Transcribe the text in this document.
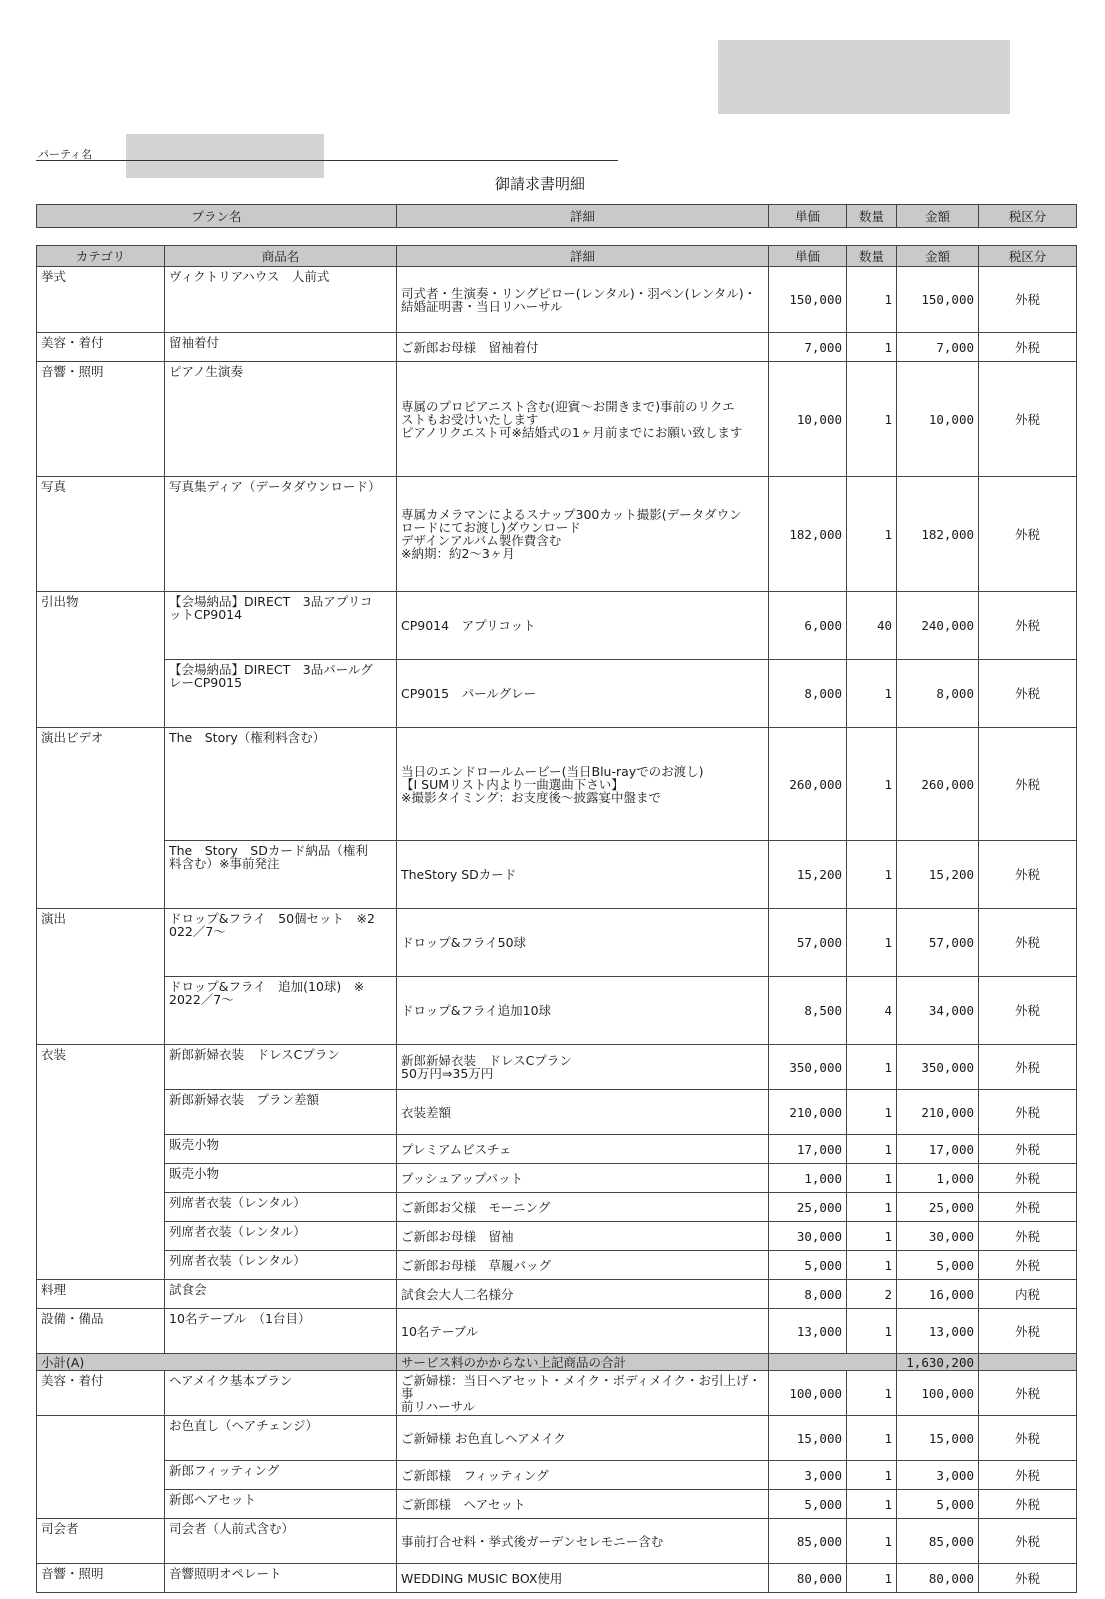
パーティ名
御請求書明細
プラン名	詳細	単価	数量	金額	税区分
カテゴリ	商品名	詳細	単価	数量	金額	税区分
挙式	ヴィクトリアハウス　人前式	司式者・生演奏・リングピロー(レンタル)・羽ペン(レンタル)・
結婚証明書・当日リハーサル	150,000	1	150,000	外税
美容・着付	留袖着付	ご新郎お母様　留袖着付	7,000	1	7,000	外税
音響・照明	ピアノ生演奏	専属のプロピアニスト含む(迎賓～お開きまで)事前のリクエ
ストもお受けいたします
ピアノリクエスト可※結婚式の1ヶ月前までにお願い致します	10,000	1	10,000	外税
写真	写真集ディア（データダウンロード）	専属カメラマンによるスナップ300カット撮影(データダウン
ロードにてお渡し)ダウンロード
デザインアルバム製作費含む
※納期：約2～3ヶ月	182,000	1	182,000	外税
引出物	【会場納品】DIRECT　3品アプリコ
ットCP9014	CP9014　アプリコット	6,000	40	240,000	外税
	【会場納品】DIRECT　3品パールグ
レーCP9015	CP9015　パールグレー	8,000	1	8,000	外税
演出ビデオ	The　Story（権利料含む）	当日のエンドロールムービー(当日Blu-rayでのお渡し)
【I SUMリスト内より一曲選曲下さい】
※撮影タイミング：お支度後～披露宴中盤まで	260,000	1	260,000	外税
	The　Story　SDカード納品（権利
料含む）※事前発注	TheStory SDカード	15,200	1	15,200	外税
演出	ドロップ&フライ　50個セット　※2
022／7～	ドロップ&フライ50球	57,000	1	57,000	外税
	ドロップ&フライ　追加(10球)　※
2022／7～	ドロップ&フライ追加10球	8,500	4	34,000	外税
衣装	新郎新婦衣装　ドレスCプラン	新郎新婦衣装　ドレスCプラン
50万円⇒35万円	350,000	1	350,000	外税
	新郎新婦衣装　プラン差額	衣装差額	210,000	1	210,000	外税
	販売小物	プレミアムビスチェ	17,000	1	17,000	外税
	販売小物	プッシュアップパット	1,000	1	1,000	外税
	列席者衣装（レンタル）	ご新郎お父様　モーニング	25,000	1	25,000	外税
	列席者衣装（レンタル）	ご新郎お母様　留袖	30,000	1	30,000	外税
	列席者衣装（レンタル）	ご新郎お母様　草履バッグ	5,000	1	5,000	外税
料理	試食会	試食会大人二名様分	8,000	2	16,000	内税
設備・備品	10名テーブル　（1台目）	10名テーブル	13,000	1	13,000	外税
小計(A)		サービス料のかからない上記商品の合計			1,630,200	
美容・着付	ヘアメイク基本プラン	ご新婦様：当日ヘアセット・メイク・ボディメイク・お引上げ・事
前リハーサル	100,000	1	100,000	外税
	お色直し（ヘアチェンジ）	ご新婦様 お色直しヘアメイク	15,000	1	15,000	外税
	新郎フィッティング	ご新郎様　フィッティング	3,000	1	3,000	外税
	新郎ヘアセット	ご新郎様　ヘアセット	5,000	1	5,000	外税
司会者	司会者（人前式含む）	事前打合せ料・挙式後ガーデンセレモニー含む	85,000	1	85,000	外税
音響・照明	音響照明オペレート	WEDDING MUSIC BOX使用	80,000	1	80,000	外税
